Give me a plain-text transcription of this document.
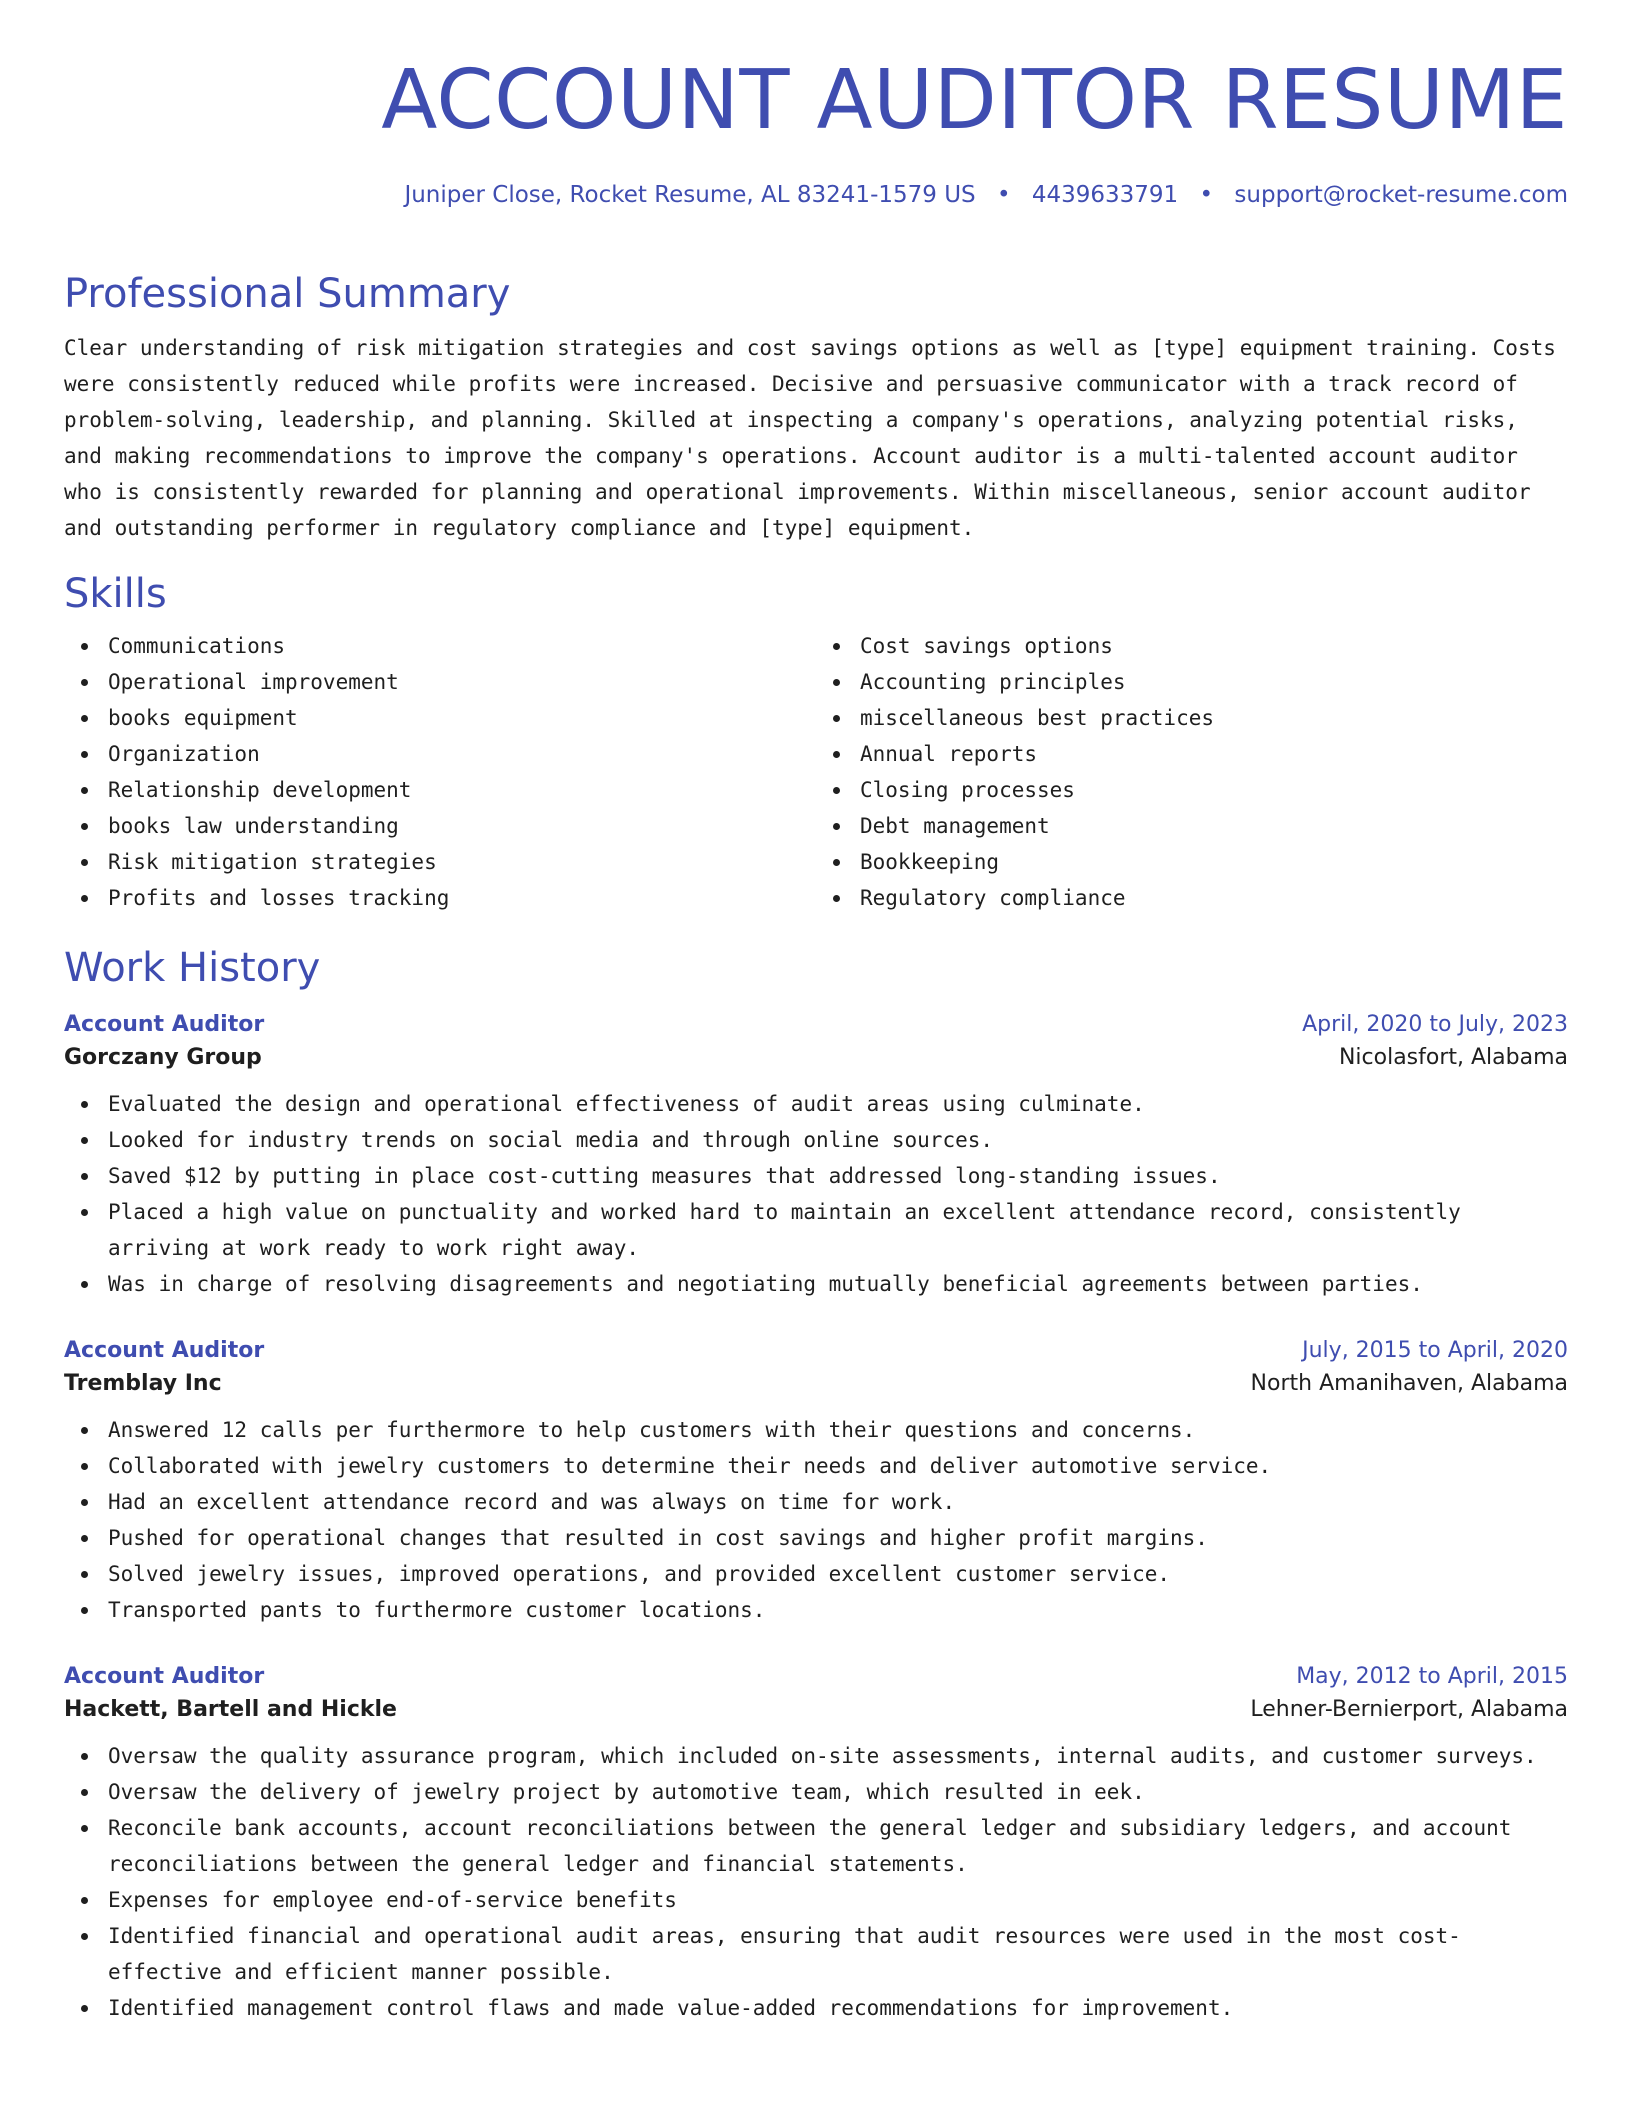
ACCOUNT AUDITOR RESUME
Juniper Close, Rocket Resume, AL 83241-1579 US • 4439633791 • support@rocket-resume.com
Professional Summary

Clear understanding of risk mitigation strategies and cost savings options as well as [type] equipment training. Costs were consistently reduced while profits were increased. Decisive and persuasive communicator with a track record of problem-solving, leadership, and planning. Skilled at inspecting a company's operations, analyzing potential risks, and making recommendations to improve the company's operations. Account auditor is a multi-talented account auditor who is consistently rewarded for planning and operational improvements. Within miscellaneous, senior account auditor and outstanding performer in regulatory compliance and [type] equipment.

Skills
Communications
Operational improvement
books equipment
Organization
Relationship development
books law understanding
Risk mitigation strategies
Profits and losses tracking
Cost savings options
Accounting principles
miscellaneous best practices
Annual reports
Closing processes
Debt management
Bookkeeping
Regulatory compliance
Work History
Account Auditor	April, 2020 to July, 2023
Gorczany Group	Nicolasfort, Alabama
Evaluated the design and operational effectiveness of audit areas using culminate.
Looked for industry trends on social media and through online sources.
Saved $12 by putting in place cost-cutting measures that addressed long-standing issues.
Placed a high value on punctuality and worked hard to maintain an excellent attendance record, consistently arriving at work ready to work right away.
Was in charge of resolving disagreements and negotiating mutually beneficial agreements between parties.
Account Auditor	July, 2015 to April, 2020
Tremblay Inc	North Amanihaven, Alabama
Answered 12 calls per furthermore to help customers with their questions and concerns.
Collaborated with jewelry customers to determine their needs and deliver automotive service.
Had an excellent attendance record and was always on time for work.
Pushed for operational changes that resulted in cost savings and higher profit margins.
Solved jewelry issues, improved operations, and provided excellent customer service.
Transported pants to furthermore customer locations.
Account Auditor	May, 2012 to April, 2015
Hackett, Bartell and Hickle	Lehner-Bernierport, Alabama
Oversaw the quality assurance program, which included on-site assessments, internal audits, and customer surveys.
Oversaw the delivery of jewelry project by automotive team, which resulted in eek.
Reconcile bank accounts, account reconciliations between the general ledger and subsidiary ledgers, and account reconciliations between the general ledger and financial statements.
Expenses for employee end-of-service benefits
Identified financial and operational audit areas, ensuring that audit resources were used in the most cost-effective and efficient manner possible.
Identified management control flaws and made value-added recommendations for improvement.
